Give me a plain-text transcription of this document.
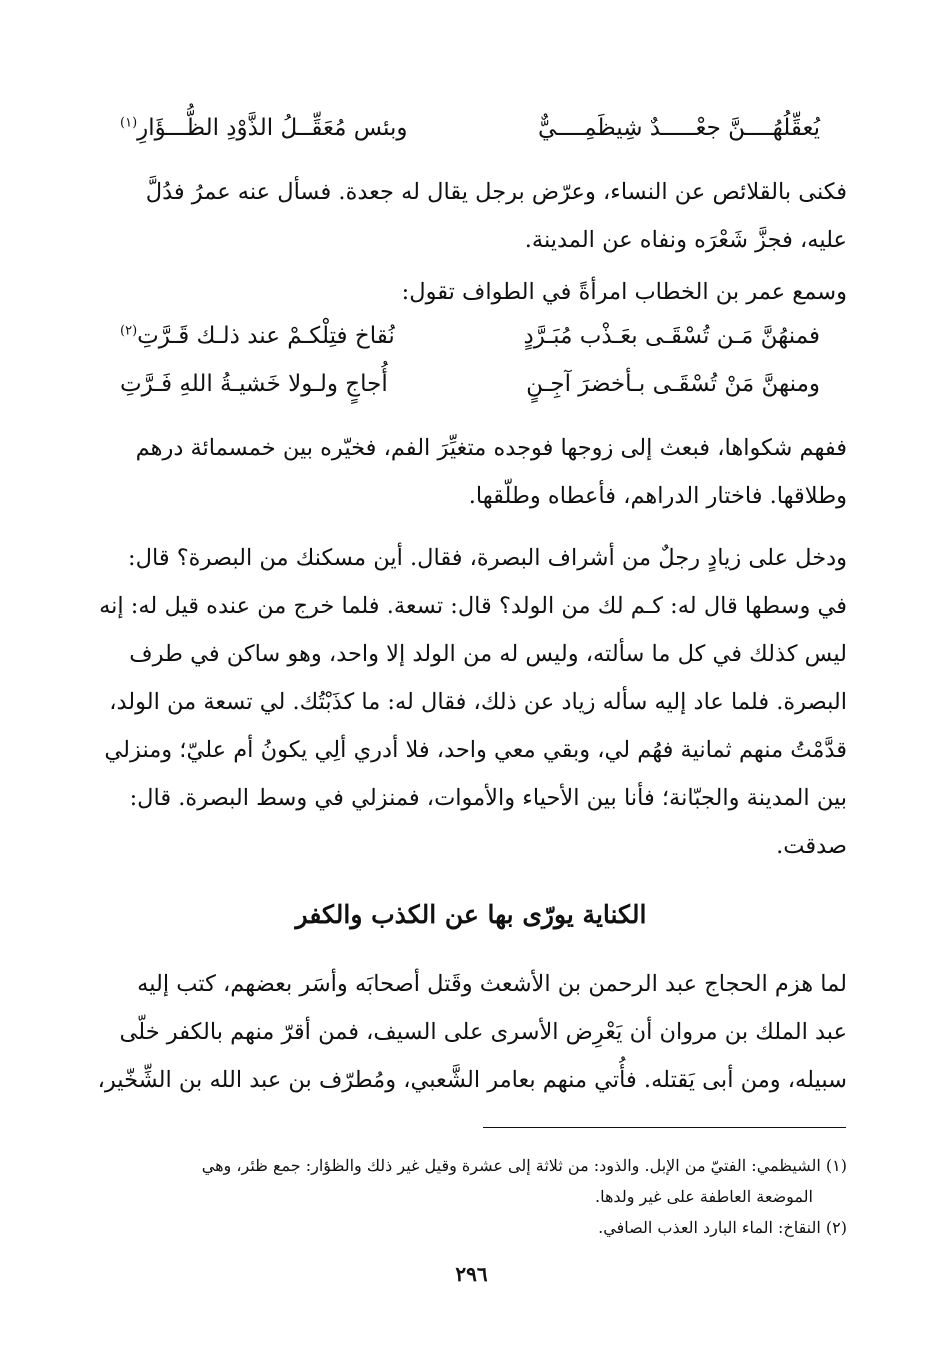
يُعقِّلُهُــــنَّ جعْـــــدٌ شِيظَمِــــيٌّ
وبئس مُعَقِّــلُ الذَّوْدِ الظُّـــؤَارِ$^{(١)}$
فكنى بالقلائص عن النساء، وعرّض برجل يقال له جعدة. فسأل عنه عمرُ فدُلَّ
عليه، فجزَّ شَعْرَه ونفاه عن المدينة.
وسمع عمر بن الخطاب امرأةً في الطواف تقول:
فمنهُنَّ مَـن تُسْقَـى بعَـذْب مُبَـرَّدٍ
نُقاخ فتِلْكـمْ عند ذلـك قَـرَّتِ$^{(٢)}$
ومنهنَّ مَنْ تُسْقَـى بـأخضرَ آجِـنٍ
أُجاجٍ ولـولا خَشيـةُ اللهِ فَـرَّتِ
ففهم شكواها، فبعث إلى زوجها فوجده متغيِّرَ الفم، فخيّره بين خمسمائة درهم
وطلاقها. فاختار الدراهم، فأعطاه وطلّقها.
ودخل على زيادٍ رجلٌ من أشراف البصرة، فقال. أين مسكنك من البصرة؟ قال:
في وسطها قال له: كـم لك من الولد؟ قال: تسعة. فلما خرج من عنده قيل له: إنه
ليس كذلك في كل ما سألته، وليس له من الولد إلا واحد، وهو ساكن في طرف
البصرة. فلما عاد إليه سأله زياد عن ذلك، فقال له: ما كذَبْتُك. لي تسعة من الولد،
قدَّمْتُ منهم ثمانية فهُم لي، وبقي معي واحد، فلا أدري ألِي يكونُ أم عليّ؛ ومنزلي
بين المدينة والجبّانة؛ فأنا بين الأحياء والأموات، فمنزلي في وسط البصرة. قال:
صدقت.
الكناية يورّى بها عن الكذب والكفر
لما هزم الحجاج عبد الرحمن بن الأشعث وقَتل أصحابَه وأسَر بعضهم، كتب إليه
عبد الملك بن مروان أن يَعْرِض الأسرى على السيف، فمن أقرّ منهم بالكفر خلّى
سبيله، ومن أبى يَقتله. فأُتي منهم بعامر الشَّعبي، ومُطرّف بن عبد الله بن الشِّخّير،
(١) الشيظمي: الفتيّ من الإبل. والذود: من ثلاثة إلى عشرة وقيل غير ذلك والظؤار: جمع ظئر، وهي
الموضعة العاطفة على غير ولدها.
(٢) النقاخ: الماء البارد العذب الصافي.
٢٩٦
